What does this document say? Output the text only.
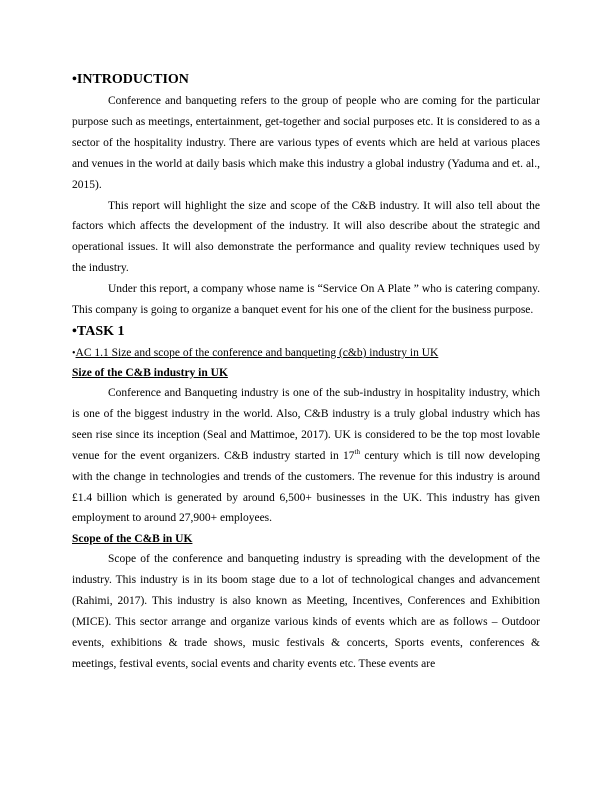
•INTRODUCTION

Conference and banqueting refers to the group of people who are coming for the particular purpose such as meetings, entertainment, get-together and social purposes etc. It is considered to as a sector of the hospitality industry. There are various types of events which are held at various places and venues in the world at daily basis which make this industry a global industry (Yaduma and et. al., 2015).

This report will highlight the size and scope of the C&B industry. It will also tell about the factors which affects the development of the industry. It will also describe about the strategic and operational issues. It will also demonstrate the performance and quality review techniques used by the industry.

Under this report, a company whose name is “Service On A Plate ” who is catering company. This company is going to organize a banquet event for his one of the client for the business purpose.

•TASK 1
•AC 1.1 Size and scope of the conference and banqueting (c&b) industry in UK
Size of the C&B industry in UK

Conference and Banqueting industry is one of the sub-industry in hospitality industry, which is one of the biggest industry in the world. Also, C&B industry is a truly global industry which has seen rise since its inception (Seal and Mattimoe, 2017). UK is considered to be the top most lovable venue for the event organizers. C&B industry started in 17th century which is till now developing with the change in technologies and trends of the customers. The revenue for this industry is around £1.4 billion which is generated by around 6,500+ businesses in the UK. This industry has given employment to around 27,900+ employees.

Scope of the C&B in UK

Scope of the conference and banqueting industry is spreading with the development of the industry. This industry is in its boom stage due to a lot of technological changes and advancement (Rahimi, 2017). This industry is also known as Meeting, Incentives, Conferences and Exhibition (MICE). This sector arrange and organize various kinds of events which are as follows – Outdoor events, exhibitions & trade shows, music festivals & concerts, Sports events, conferences & meetings, festival events, social events and charity events etc. These events are
